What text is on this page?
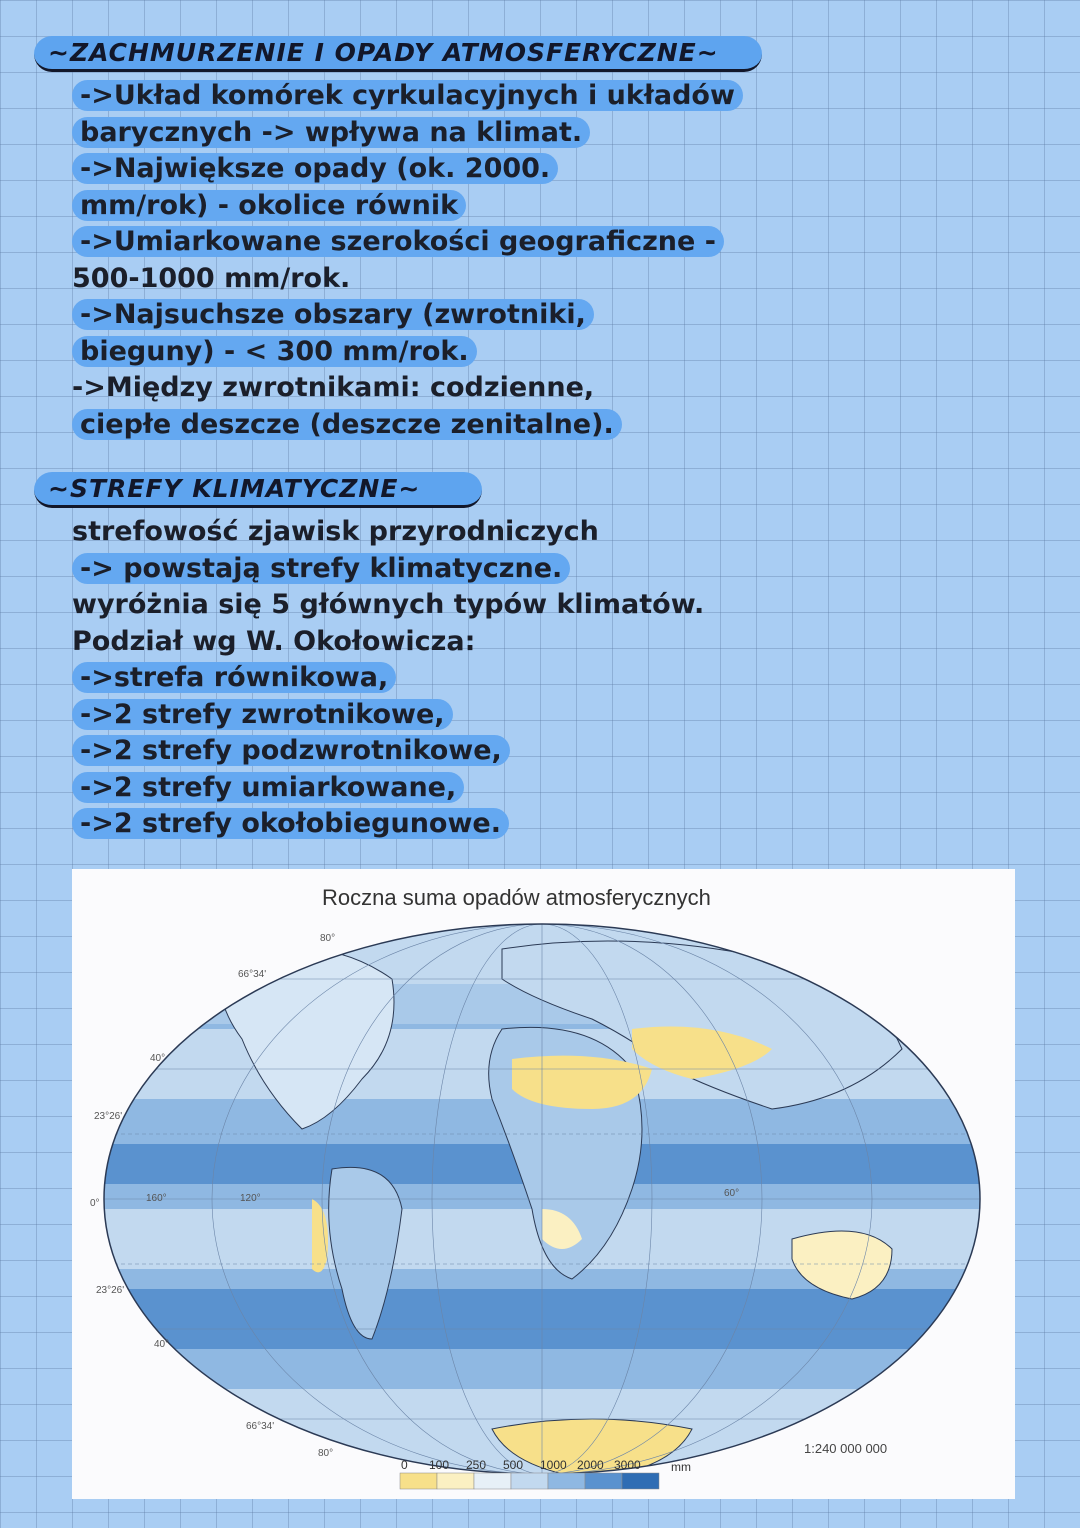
~ZACHMURZENIE I OPADY ATMOSFERYCZNE~
->Układ komórek cyrkulacyjnych i układów
barycznych -> wpływa na klimat.
->Największe opady (ok. 2000.
mm/rok) - okolice równik
->Umiarkowane szerokości geograficzne -
500-1000 mm/rok.
->Najsuchsze obszary (zwrotniki,
bieguny) - < 300 mm/rok.
->Między zwrotnikami: codzienne,
ciepłe deszcze (deszcze zenitalne).
~STREFY KLIMATYCZNE~
strefowość zjawisk przyrodniczych
-> powstają strefy klimatyczne.
wyróżnia się 5 głównych typów klimatów.
Podział wg W. Okołowicza:
->strefa równikowa,
->2 strefy zwrotnikowe,
->2 strefy podzwrotnikowe,
->2 strefy umiarkowane,
->2 strefy okołobiegunowe.
Roczna suma opadów atmosferycznych
80°
66°34'
40°
23°26'
0°
23°26'
40°
66°34'
80°
160°	120°	60°
0 100 250 500 1000 2000 3000	mm
1:240 000 000
